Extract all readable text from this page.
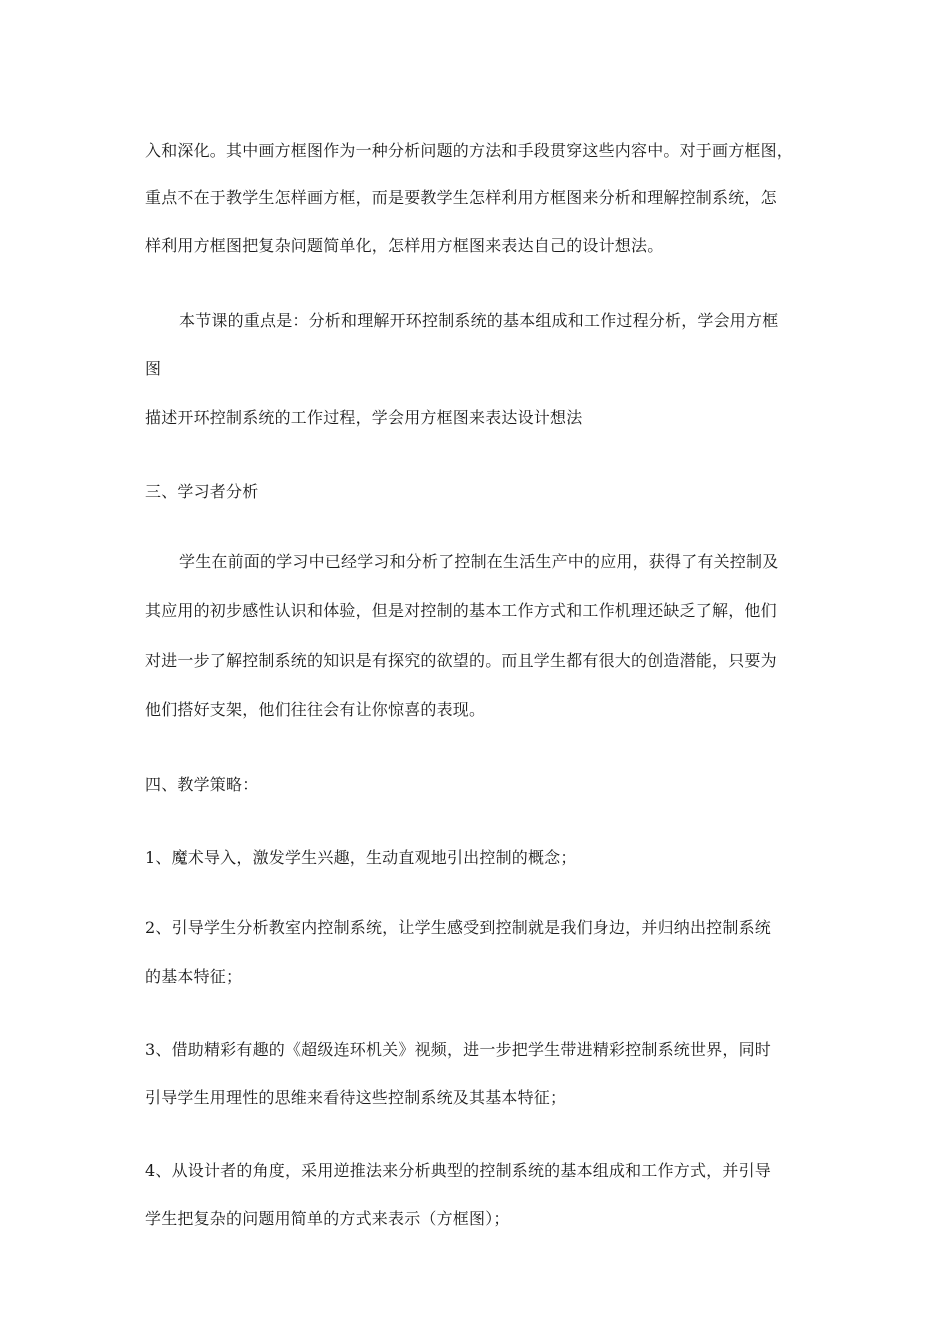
入和深化。其中画方框图作为一种分析问题的方法和手段贯穿这些内容中。对于画方框图，
重点不在于教学生怎样画方框，而是要教学生怎样利用方框图来分析和理解控制系统，怎
样利用方框图把复杂问题简单化，怎样用方框图来表达自己的设计想法。
本节课的重点是：分析和理解开环控制系统的基本组成和工作过程分析，学会用方框
图
描述开环控制系统的工作过程，学会用方框图来表达设计想法
三、学习者分析
学生在前面的学习中已经学习和分析了控制在生活生产中的应用，获得了有关控制及
其应用的初步感性认识和体验，但是对控制的基本工作方式和工作机理还缺乏了解，他们
对进一步了解控制系统的知识是有探究的欲望的。而且学生都有很大的创造潜能，只要为
他们搭好支架，他们往往会有让你惊喜的表现。
四、教学策略：
1、魔术导入，激发学生兴趣，生动直观地引出控制的概念；
2、引导学生分析教室内控制系统，让学生感受到控制就是我们身边，并归纳出控制系统
的基本特征；
3、借助精彩有趣的《超级连环机关》视频，进一步把学生带进精彩控制系统世界，同时
引导学生用理性的思维来看待这些控制系统及其基本特征；
4、从设计者的角度，采用逆推法来分析典型的控制系统的基本组成和工作方式，并引导
学生把复杂的问题用简单的方式来表示（方框图）；
